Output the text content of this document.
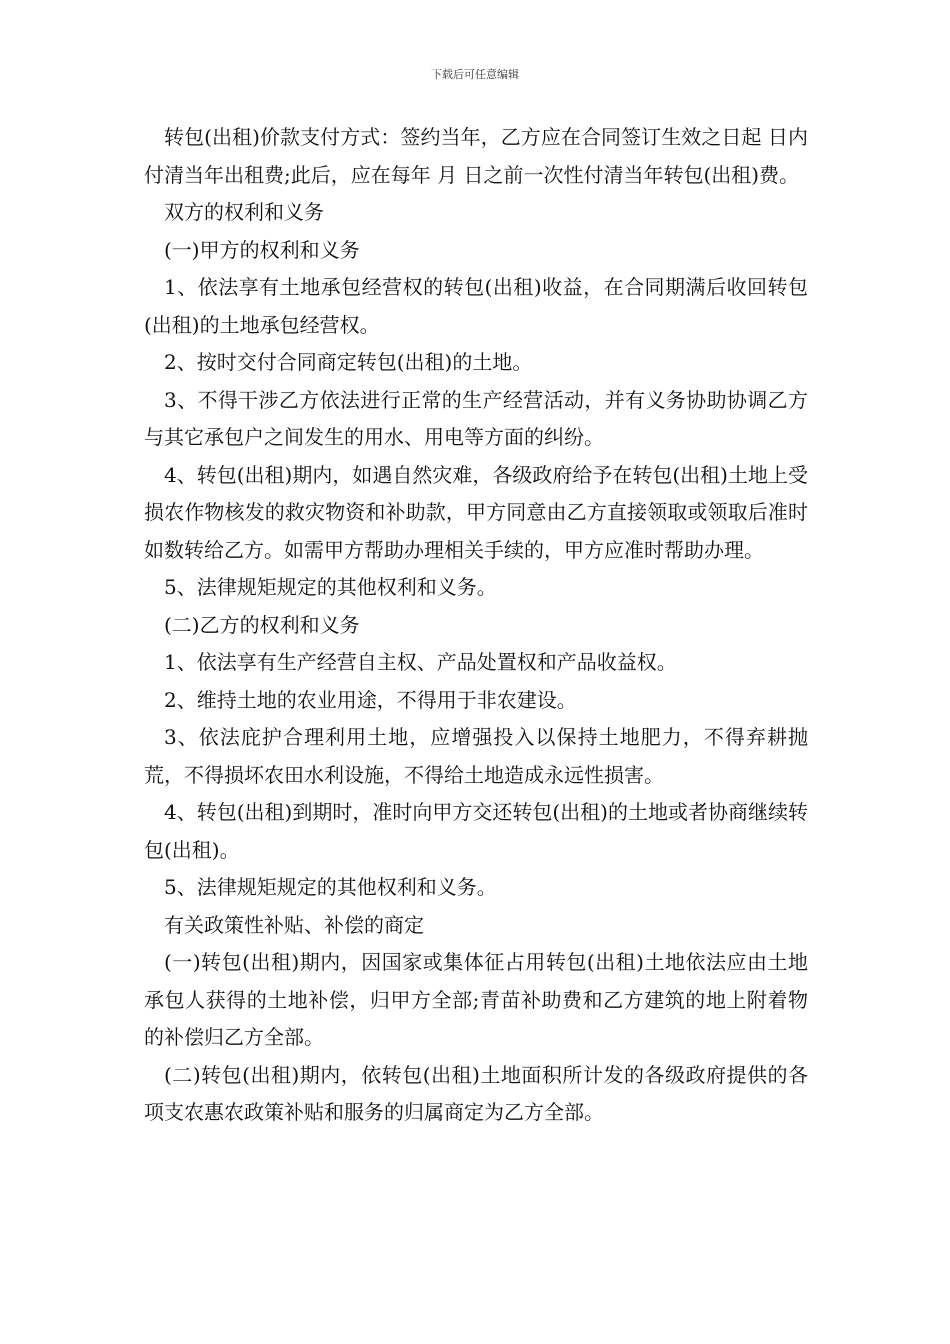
下载后可任意编辑

转包(出租)价款支付方式：签约当年，乙方应在合同签订生效之日起 日内付清当年出租费;此后，应在每年 月 日之前一次性付清当年转包(出租)费。

双方的权利和义务

(一)甲方的权利和义务

1、依法享有土地承包经营权的转包(出租)收益，在合同期满后收回转包(出租)的土地承包经营权。

2、按时交付合同商定转包(出租)的土地。

3、不得干涉乙方依法进行正常的生产经营活动，并有义务协助协调乙方与其它承包户之间发生的用水、用电等方面的纠纷。

4、转包(出租)期内，如遇自然灾难，各级政府给予在转包(出租)土地上受损农作物核发的救灾物资和补助款，甲方同意由乙方直接领取或领取后准时如数转给乙方。如需甲方帮助办理相关手续的，甲方应准时帮助办理。

5、法律规矩规定的其他权利和义务。

(二)乙方的权利和义务

1、依法享有生产经营自主权、产品处置权和产品收益权。

2、维持土地的农业用途，不得用于非农建设。

3、依法庇护合理利用土地，应增强投入以保持土地肥力，不得弃耕抛荒，不得损坏农田水利设施，不得给土地造成永远性损害。

4、转包(出租)到期时，准时向甲方交还转包(出租)的土地或者协商继续转包(出租)。

5、法律规矩规定的其他权利和义务。

有关政策性补贴、补偿的商定

(一)转包(出租)期内，因国家或集体征占用转包(出租)土地依法应由土地承包人获得的土地补偿，归甲方全部;青苗补助费和乙方建筑的地上附着物的补偿归乙方全部。

(二)转包(出租)期内，依转包(出租)土地面积所计发的各级政府提供的各项支农惠农政策补贴和服务的归属商定为乙方全部。
